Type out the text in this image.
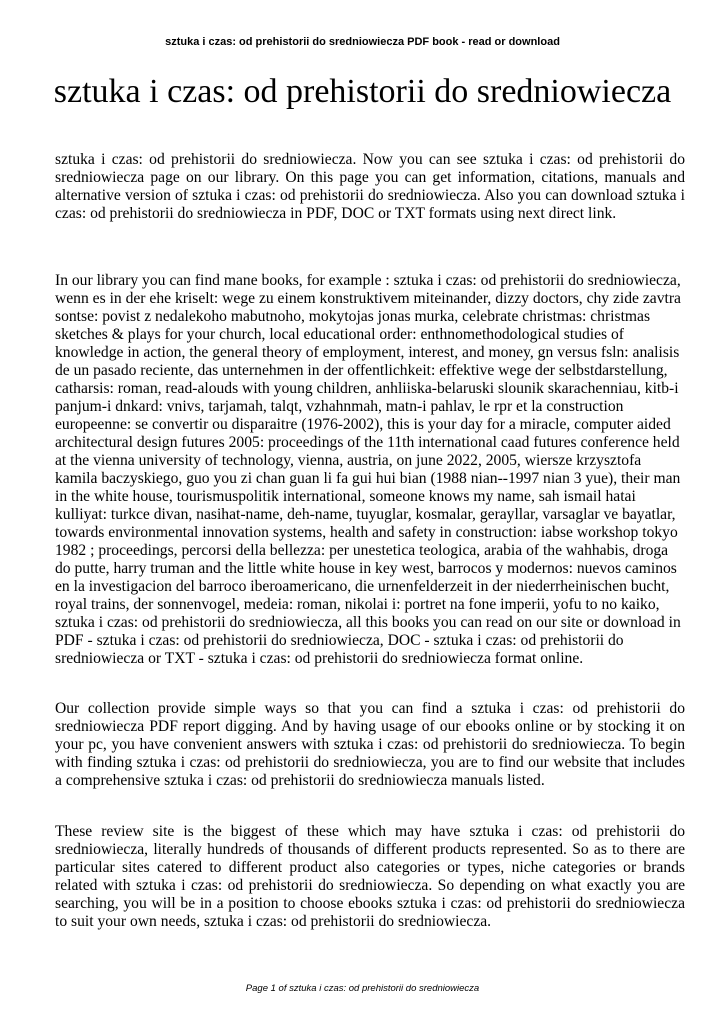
sztuka i czas: od prehistorii do sredniowiecza PDF book - read or download
sztuka i czas: od prehistorii do sredniowiecza

sztuka i czas: od prehistorii do sredniowiecza. Now you can see sztuka i czas: od prehistorii do sredniowiecza page on our library. On this page you can get information, citations, manuals and alternative version of sztuka i czas: od prehistorii do sredniowiecza. Also you can download sztuka i czas: od prehistorii do sredniowiecza in PDF, DOC or TXT formats using next direct link.

In our library you can find mane books, for example : sztuka i czas: od prehistorii do sredniowiecza, wenn es in der ehe kriselt: wege zu einem konstruktivem miteinander, dizzy doctors, chy zide zavtra sontse: povist z nedalekoho mabutnoho, mokytojas jonas murka, celebrate christmas: christmas sketches & plays for your church, local educational order: enthnomethodological studies of knowledge in action, the general theory of employment, interest, and money, gn versus fsln: analisis de un pasado reciente, das unternehmen in der offentlichkeit: effektive wege der selbstdarstellung, catharsis: roman, read-alouds with young children, anhliiska-belaruski slounik skarachenniau, kitb-i panjum-i dnkard: vnivs, tarjamah, talqt, vzhahnmah, matn-i pahlav, le rpr et la construction europeenne: se convertir ou disparaitre (1976-2002), this is your day for a miracle, computer aided architectural design futures 2005: proceedings of the 11th international caad futures conference held at the vienna university of technology, vienna, austria, on june 2022, 2005, wiersze krzysztofa kamila baczyskiego, guo you zi chan guan li fa gui hui bian (1988 nian--1997 nian 3 yue), their man in the white house, tourismuspolitik international, someone knows my name, sah ismail hatai kulliyat: turkce divan, nasihat-name, deh-name, tuyuglar, kosmalar, gerayllar, varsaglar ve bayatlar, towards environmental innovation systems, health and safety in construction: iabse workshop tokyo 1982 ; proceedings, percorsi della bellezza: per unestetica teologica, arabia of the wahhabis, droga do putte, harry truman and the little white house in key west, barrocos y modernos: nuevos caminos en la investigacion del barroco iberoamericano, die urnenfelderzeit in der niederrheinischen bucht, royal trains, der sonnenvogel, medeia: roman, nikolai i: portret na fone imperii, yofu to no kaiko, sztuka i czas: od prehistorii do sredniowiecza, all this books you can read on our site or download in PDF - sztuka i czas: od prehistorii do sredniowiecza, DOC - sztuka i czas: od prehistorii do sredniowiecza or TXT - sztuka i czas: od prehistorii do sredniowiecza format online.

Our collection provide simple ways so that you can find a sztuka i czas: od prehistorii do sredniowiecza PDF report digging. And by having usage of our ebooks online or by stocking it on your pc, you have convenient answers with sztuka i czas: od prehistorii do sredniowiecza. To begin with finding sztuka i czas: od prehistorii do sredniowiecza, you are to find our website that includes a comprehensive sztuka i czas: od prehistorii do sredniowiecza manuals listed.

These review site is the biggest of these which may have sztuka i czas: od prehistorii do sredniowiecza, literally hundreds of thousands of different products represented. So as to there are particular sites catered to different product also categories or types, niche categories or brands related with sztuka i czas: od prehistorii do sredniowiecza. So depending on what exactly you are searching, you will be in a position to choose ebooks sztuka i czas: od prehistorii do sredniowiecza to suit your own needs, sztuka i czas: od prehistorii do sredniowiecza.

Page 1 of sztuka i czas: od prehistorii do sredniowiecza
